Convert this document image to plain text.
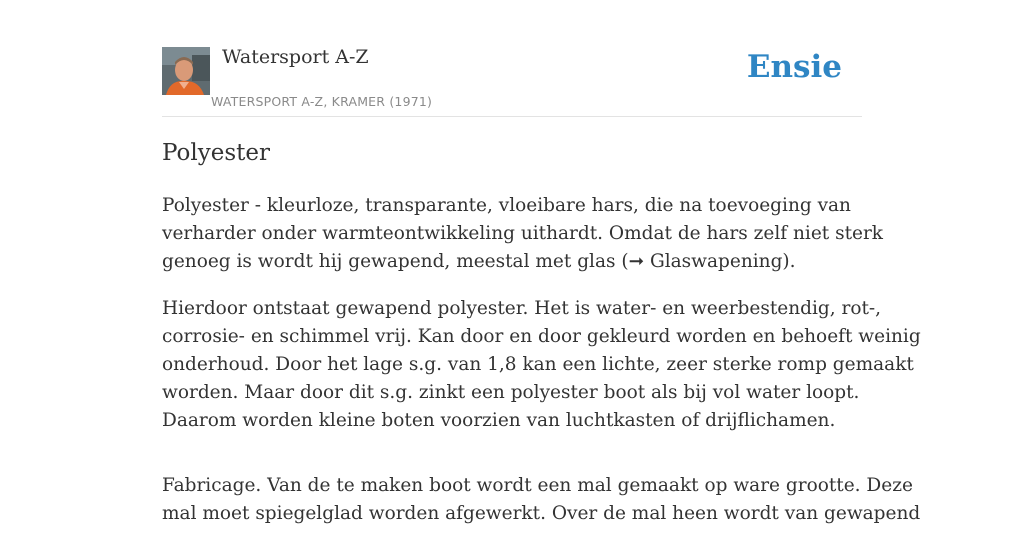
Watersport A-Z
WATERSPORT A-Z, KRAMER (1971)
Ensie
Polyester

Polyester - kleurloze, transparante, vloeibare hars, die na toevoeging van
verharder onder warmteontwikkeling uithardt. Omdat de hars zelf niet sterk
genoeg is wordt hij gewapend, meestal met glas (➞ Glaswapening).

Hierdoor ontstaat gewapend polyester. Het is water- en weerbestendig, rot-,
corrosie- en schimmel vrij. Kan door en door gekleurd worden en behoeft weinig
onderhoud. Door het lage s.g. van 1,8 kan een lichte, zeer sterke romp gemaakt
worden. Maar door dit s.g. zinkt een polyester boot als bij vol water loopt.
Daarom worden kleine boten voorzien van luchtkasten of drijflichamen.

Fabricage. Van de te maken boot wordt een mal gemaakt op ware grootte. Deze
mal moet spiegelglad worden afgewerkt. Over de mal heen wordt van gewapend
